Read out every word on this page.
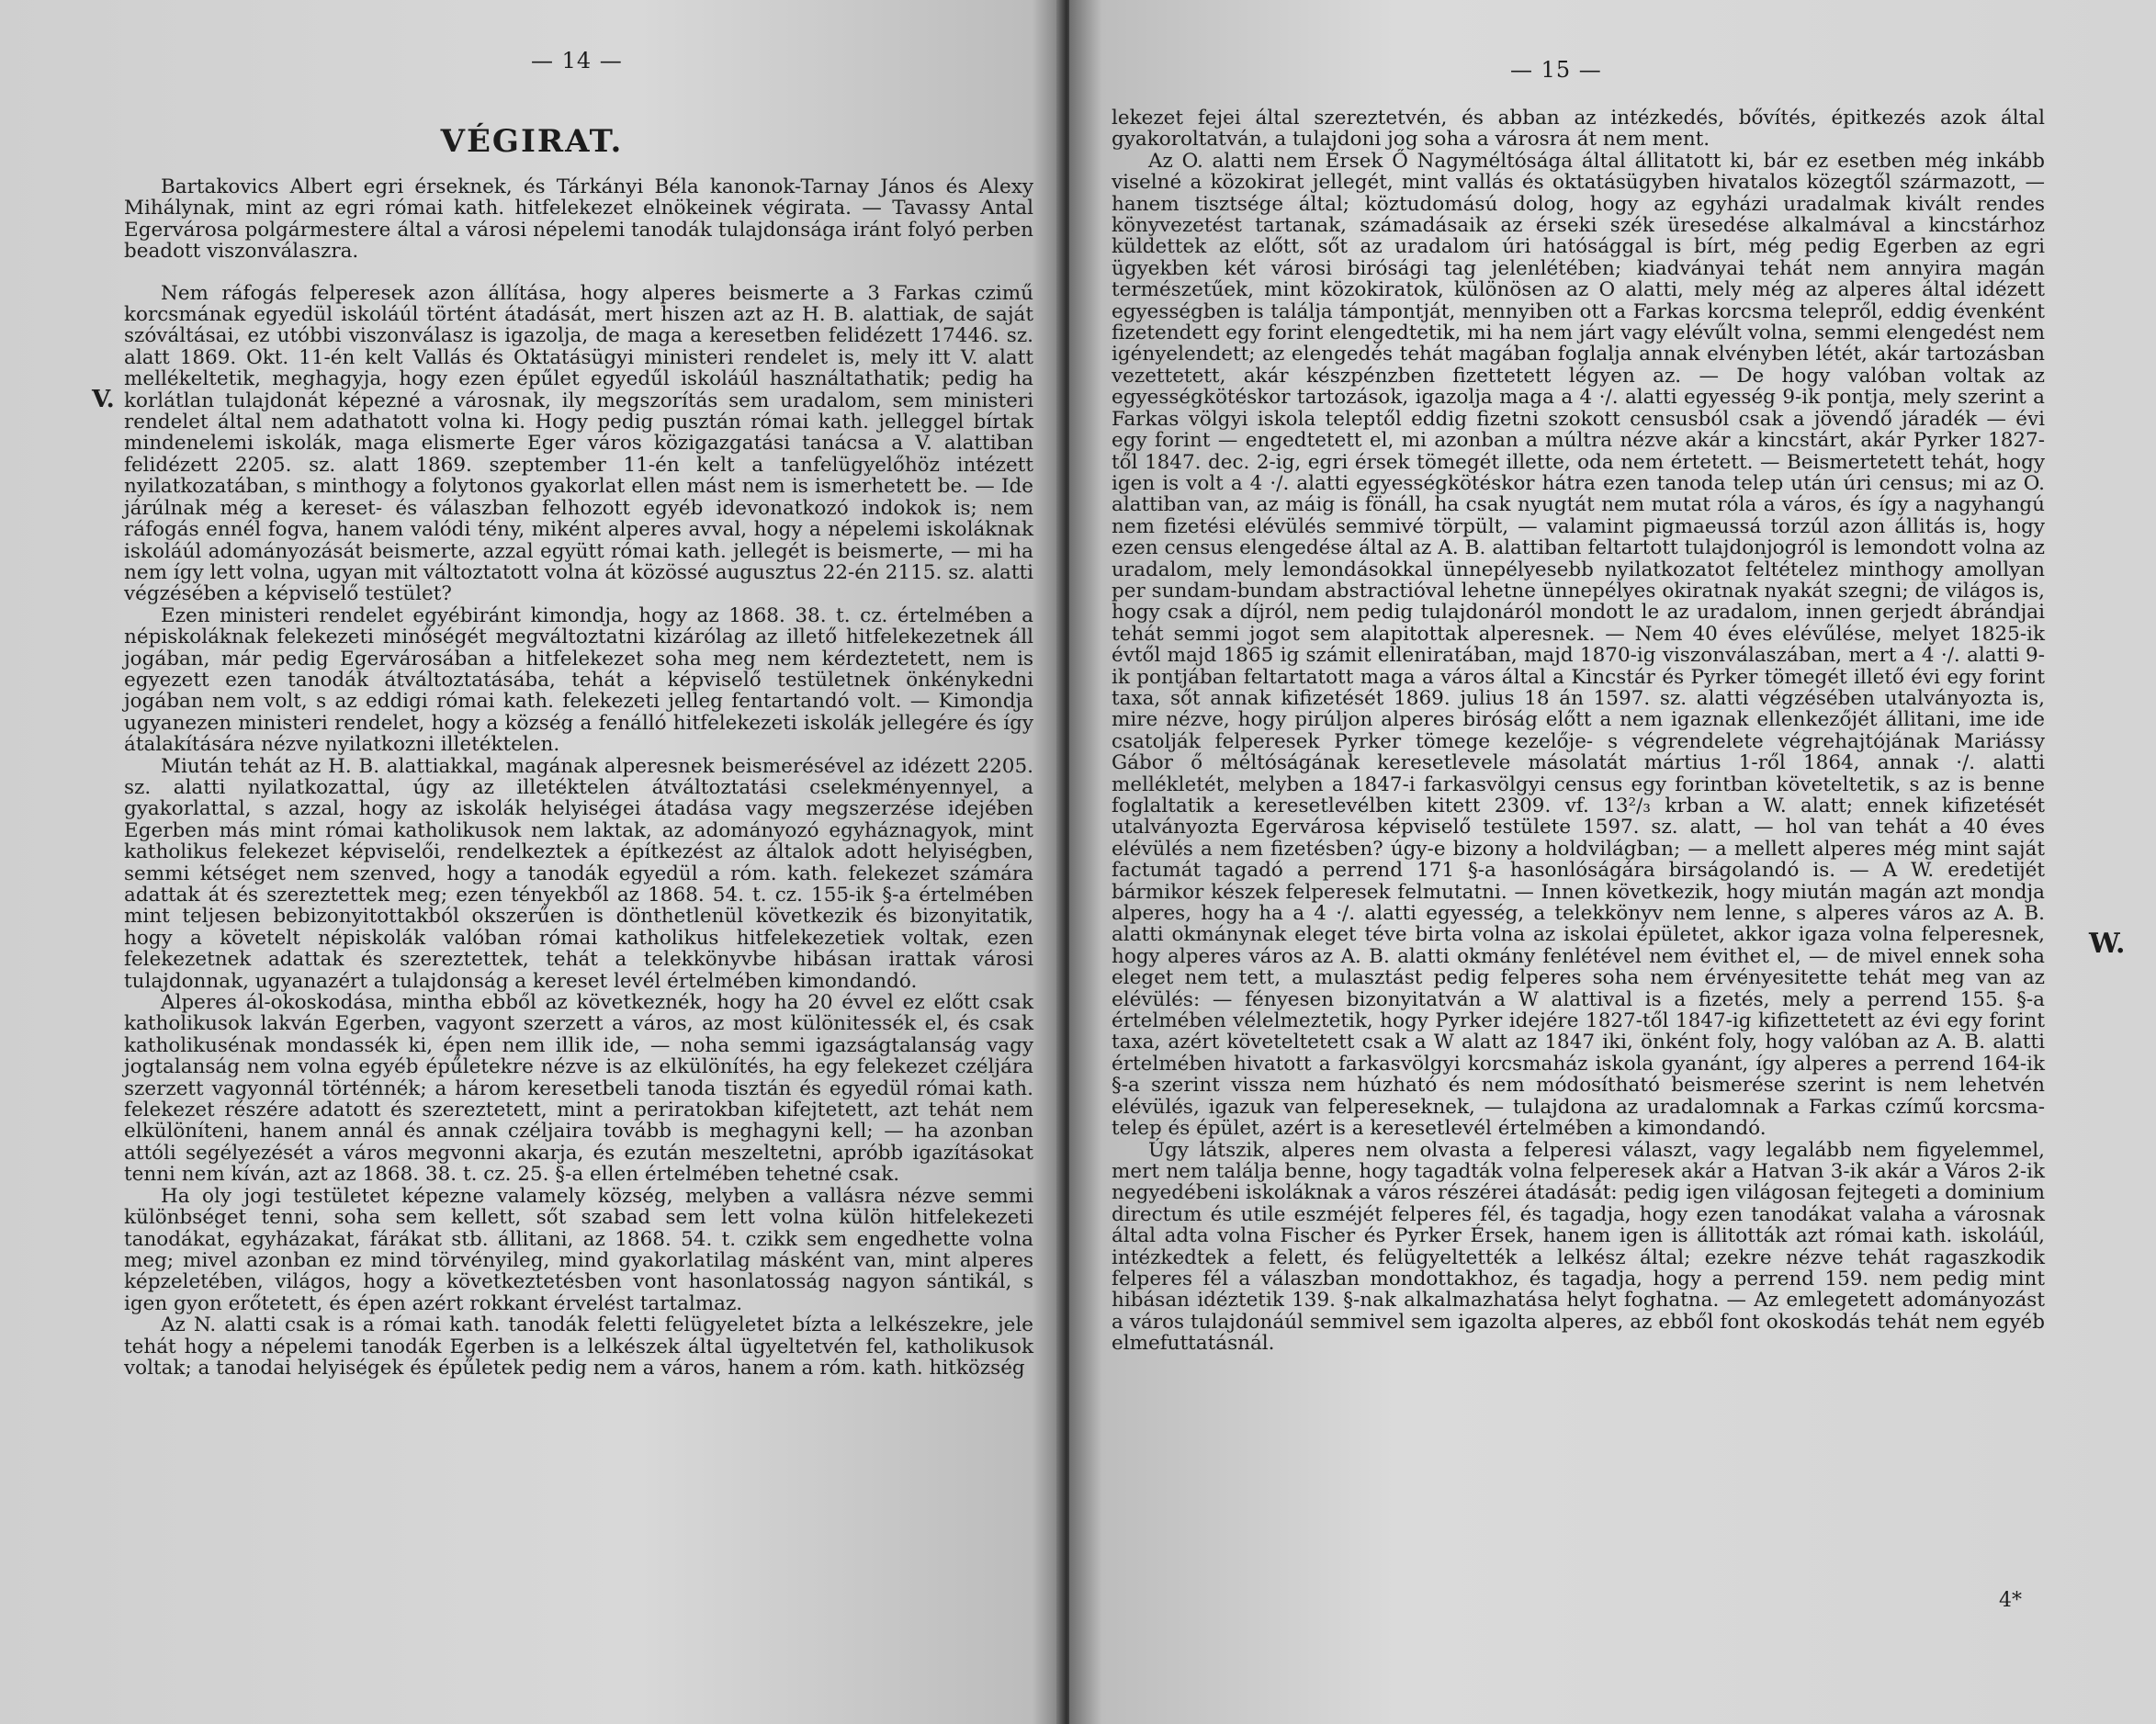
— 14 —
VÉGIRAT.
V.

Bartakovics Albert egri érseknek, és Tárkányi Béla kanonok-Tarnay János és Alexy Mihálynak, mint az egri római kath. hitfelekezet elnökeinek végirata. — Tavassy Antal Egervárosa polgármestere által a városi népelemi tanodák tulajdonsága iránt folyó perben beadott viszonválaszra.

Nem ráfogás felperesek azon állítása, hogy alperes beismerte a 3 Farkas czimű korcsmának egyedül iskoláúl történt átadását, mert hiszen azt az H. B. alattiak, de saját szóváltásai, ez utóbbi viszonválasz is igazolja, de maga a keresetben felidézett 17446. sz. alatt 1869. Okt. 11-én kelt Vallás és Oktatásügyi ministeri rendelet is, mely itt V. alatt mellékeltetik, meghagyja, hogy ezen épűlet egyedűl iskoláúl használtathatik; pedig ha korlátlan tulajdonát képezné a városnak, ily megszorítás sem uradalom, sem ministeri rendelet által nem adathatott volna ki. Hogy pedig pusztán római kath. jelleggel bírtak mindenelemi iskolák, maga elismerte Eger város közigazgatási tanácsa a V. alattiban felidézett 2205. sz. alatt 1869. szeptember 11-én kelt a tanfelügyelőhöz intézett nyilatkozatában, s minthogy a folytonos gyakorlat ellen mást nem is ismerhetett be. — Ide járúlnak még a kereset- és válaszban felhozott egyéb idevonatkozó indokok is; nem ráfogás ennél fogva, hanem valódi tény, miként alperes avval, hogy a népelemi iskoláknak iskoláúl adományozását beismerte, azzal együtt római kath. jellegét is beismerte, — mi ha nem így lett volna, ugyan mit változtatott volna át közössé augusztus 22-én 2115. sz. alatti végzésében a képviselő testület?

Ezen ministeri rendelet egyébiránt kimondja, hogy az 1868. 38. t. cz. értelmében a népiskoláknak felekezeti minőségét megváltoztatni kizárólag az illető hitfelekezetnek áll jogában, már pedig Egervárosában a hitfelekezet soha meg nem kérdeztetett, nem is egyezett ezen tanodák átváltoztatásába, tehát a képviselő testületnek önkénykedni jogában nem volt, s az eddigi római kath. felekezeti jelleg fentartandó volt. — Kimondja ugyanezen ministeri rendelet, hogy a község a fenálló hitfelekezeti iskolák jellegére és így átalakítására nézve nyilatkozni illetéktelen.

Miután tehát az H. B. alattiakkal, magának alperesnek beismerésével az idézett 2205. sz. alatti nyilatkozattal, úgy az illetéktelen átváltoztatási cselekményennyel, a gyakorlattal, s azzal, hogy az iskolák helyiségei átadása vagy megszerzése idejében Egerben más mint római katholikusok nem laktak, az adományozó egyháznagyok, mint katholikus felekezet képviselői, rendelkeztek a építkezést az általok adott helyiségben, semmi kétséget nem szenved, hogy a tanodák egyedül a róm. kath. felekezet számára adattak át és szereztettek meg; ezen tényekből az 1868. 54. t. cz. 155-ik §-a értelmében mint teljesen bebizonyitottakból okszerűen is dönthetlenül következik és bizonyitatik, hogy a követelt népiskolák valóban római katholikus hitfelekezetiek voltak, ezen felekezetnek adattak és szereztettek, tehát a telekkönyvbe hibásan irattak városi tulajdonnak, ugyanazért a tulajdonság a kereset levél értelmében kimondandó.

Alperes ál-okoskodása, mintha ebből az következnék, hogy ha 20 évvel ez előtt csak katholikusok lakván Egerben, vagyont szerzett a város, az most különitessék el, és csak katholikusénak mondassék ki, épen nem illik ide, — noha semmi igazságtalanság vagy jogtalanság nem volna egyéb épűletekre nézve is az elkülönítés, ha egy felekezet czéljára szerzett vagyonnál történnék; a három keresetbeli tanoda tisztán és egyedül római kath. felekezet részére adatott és szereztetett, mint a periratokban kifejtetett, azt tehát nem elkülöníteni, hanem annál és annak czéljaira tovább is meghagyni kell; — ha azonban attóli segélyezését a város megvonni akarja, és ezután meszeltetni, apróbb igazításokat tenni nem kíván, azt az 1868. 38. t. cz. 25. §-a ellen értelmében tehetné csak.

Ha oly jogi testületet képezne valamely község, melyben a vallásra nézve semmi különbséget tenni, soha sem kellett, sőt szabad sem lett volna külön hitfelekezeti tanodákat, egyházakat, fárákat stb. állitani, az 1868. 54. t. czikk sem engedhette volna meg; mivel azonban ez mind törvényileg, mind gyakorlatilag másként van, mint alperes képzeletében, világos, hogy a következtetésben vont hasonlatosság nagyon sántikál, s igen gyon erőtetett, és épen azért rokkant érvelést tartalmaz.

Az N. alatti csak is a római kath. tanodák feletti felügyeletet bízta a lelkészekre, jele tehát hogy a népelemi tanodák Egerben is a lelkészek által ügyeltetvén fel, katholikusok voltak; a tanodai helyiségek és épűletek pedig nem a város, hanem a róm. kath. hitközség

— 15 —
W.

lekezet fejei által szereztetvén, és abban az intézkedés, bővítés, épitkezés azok által gyakoroltatván, a tulajdoni jog soha a városra át nem ment.

Az O. alatti nem Érsek Ő Nagyméltósága által állitatott ki, bár ez esetben még inkább viselné a közokirat jellegét, mint vallás és oktatásügyben hivatalos közegtől származott, — hanem tisztsége által; köztudomású dolog, hogy az egyházi uradalmak kivált rendes könyvezetést tartanak, számadásaik az érseki szék üresedése alkalmával a kincstárhoz küldettek az előtt, sőt az uradalom úri hatósággal is bírt, még pedig Egerben az egri ügyekben két városi birósági tag jelenlétében; kiadványai tehát nem annyira magán természetűek, mint közokiratok, különösen az O alatti, mely még az alperes által idézett egyességben is találja támpontját, mennyiben ott a Farkas korcsma telepről, eddig évenként fizetendett egy forint elengedtetik, mi ha nem járt vagy elévűlt volna, semmi elengedést nem igényelendett; az elengedés tehát magában foglalja annak elvényben létét, akár tartozásban vezettetett, akár készpénzben fizettetett légyen az. — De hogy valóban voltak az egyességkötéskor tartozások, igazolja maga a 4 ·/. alatti egyesség 9-ik pontja, mely szerint a Farkas völgyi iskola teleptől eddig fizetni szokott censusból csak a jövendő járadék — évi egy forint — engedtetett el, mi azonban a múltra nézve akár a kincstárt, akár Pyrker 1827-től 1847. dec. 2-ig, egri érsek tömegét illette, oda nem értetett. — Beismertetett tehát, hogy igen is volt a 4 ·/. alatti egyességkötéskor hátra ezen tanoda telep után úri census; mi az O. alattiban van, az máig is fönáll, ha csak nyugtát nem mutat róla a város, és így a nagyhangú nem fizetési elévülés semmivé törpült, — valamint pigmaeussá torzúl azon állitás is, hogy ezen census elengedése által az A. B. alattiban feltartott tulajdonjogról is lemondott volna az uradalom, mely lemondásokkal ünnepélyesebb nyilatkozatot feltételez minthogy amollyan per sundam-bundam abstractióval lehetne ünnepélyes okiratnak nyakát szegni; de világos is, hogy csak a díjról, nem pedig tulajdonáról mondott le az uradalom, innen gerjedt ábrándjai tehát semmi jogot sem alapitottak alperesnek. — Nem 40 éves elévűlése, melyet 1825-ik évtől majd 1865 ig számit elleniratában, majd 1870-ig viszonválaszában, mert a 4 ·/. alatti 9-ik pontjában feltartatott maga a város által a Kincstár és Pyrker tömegét illető évi egy forint taxa, sőt annak kifizetését 1869. julius 18 án 1597. sz. alatti végzésében utalványozta is, mire nézve, hogy pirúljon alperes biróság előtt a nem igaznak ellenkezőjét állitani, ime ide csatolják felperesek Pyrker tömege kezelője- s végrendelete végrehajtójának Mariássy Gábor ő méltóságának keresetlevele másolatát mártius 1-ről 1864, annak ·/. alatti mellékletét, melyben a 1847-i farkasvölgyi census egy forintban követeltetik, s az is benne foglaltatik a keresetlevélben kitett 2309. vf. 13²/₃ krban a W. alatt; ennek kifizetését utalványozta Egervárosa képviselő testülete 1597. sz. alatt, — hol van tehát a 40 éves elévülés a nem fizetésben? úgy-e bizony a holdvilágban; — a mellett alperes még mint saját factumát tagadó a perrend 171 §-a hasonlóságára birságolandó is. — A W. eredetijét bármikor készek felperesek felmutatni. — Innen következik, hogy miután magán azt mondja alperes, hogy ha a 4 ·/. alatti egyesség, a telekkönyv nem lenne, s alperes város az A. B. alatti okmánynak eleget téve birta volna az iskolai épületet, akkor igaza volna felperesnek, hogy alperes város az A. B. alatti okmány fenlétével nem évithet el, — de mivel ennek soha eleget nem tett, a mulasztást pedig felperes soha nem érvényesitette tehát meg van az elévülés: — fényesen bizonyitatván a W alattival is a fizetés, mely a perrend 155. §-a értelmében vélelmeztetik, hogy Pyrker idejére 1827-től 1847-ig kifizettetett az évi egy forint taxa, azért követeltetett csak a W alatt az 1847 iki, önként foly, hogy valóban az A. B. alatti értelmében hivatott a farkasvölgyi korcsmaház iskola gyanánt, így alperes a perrend 164-ik §-a szerint vissza nem húzható és nem módosítható beismerése szerint is nem lehetvén elévülés, igazuk van felpereseknek, — tulajdona az uradalomnak a Farkas czímű korcsma-telep és épület, azért is a keresetlevél értelmében a kimondandó.

Úgy látszik, alperes nem olvasta a felperesi választ, vagy legalább nem figyelemmel, mert nem találja benne, hogy tagadták volna felperesek akár a Hatvan 3-ik akár a Város 2-ik negyedébeni iskoláknak a város részérei átadását: pedig igen világosan fejtegeti a dominium directum és utile eszméjét felperes fél, és tagadja, hogy ezen tanodákat valaha a városnak által adta volna Fischer és Pyrker Érsek, hanem igen is állitották azt római kath. iskoláúl, intézkedtek a felett, és felügyeltették a lelkész által; ezekre nézve tehát ragaszkodik felperes fél a válaszban mondottakhoz, és tagadja, hogy a perrend 159. nem pedig mint hibásan idéztetik 139. §-nak alkalmazhatása helyt foghatna. — Az emlegetett adományozást a város tulajdonáúl semmivel sem igazolta alperes, az ebből font okoskodás tehát nem egyéb elmefuttatásnál.

4*
